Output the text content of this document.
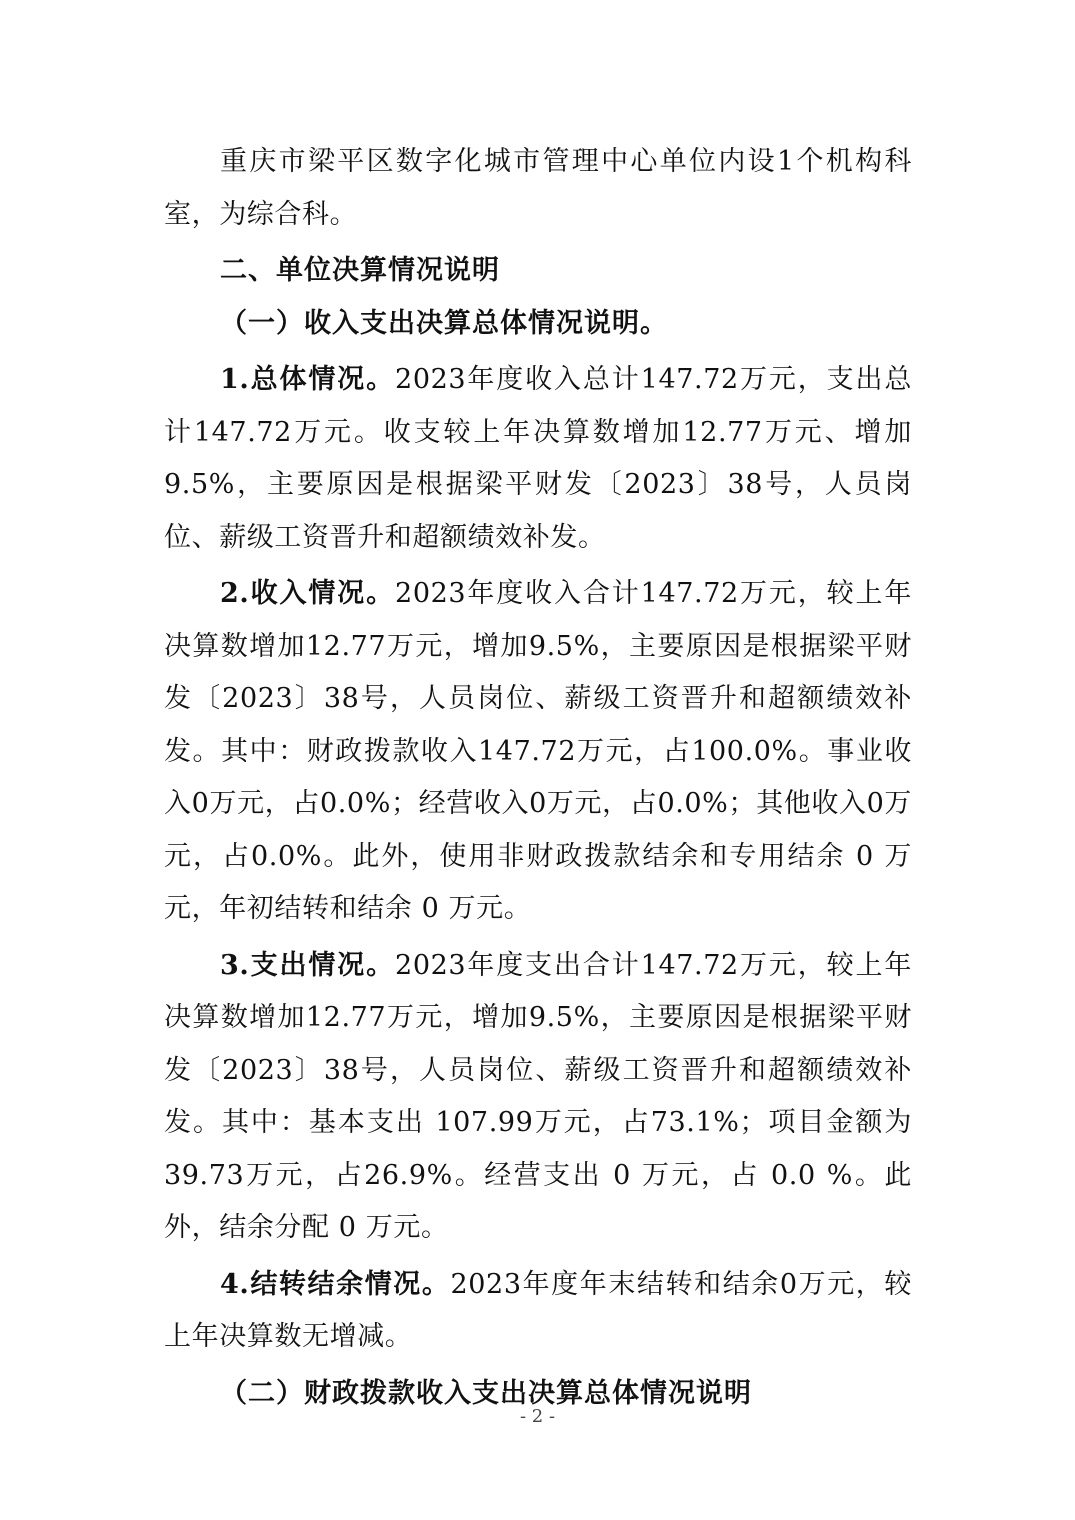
重庆市梁平区数字化城市管理中心单位内设1个机构科室，为综合科。

二、单位决算情况说明

（一）收入支出决算总体情况说明。

1.总体情况。2023年度收入总计147.72万元，支出总计147.72万元。收支较上年决算数增加12.77万元、增加9.5%，主要原因是根据梁平财发〔2023〕38号，人员岗位、薪级工资晋升和超额绩效补发。

2.收入情况。2023年度收入合计147.72万元，较上年决算数增加12.77万元，增加9.5%，主要原因是根据梁平财发〔2023〕38号，人员岗位、薪级工资晋升和超额绩效补发。其中：财政拨款收入147.72万元，占100.0%。事业收入0万元，占0.0%；经营收入0万元，占0.0%；其他收入0万元，占0.0%。此外，使用非财政拨款结余和专用结余 0 万元，年初结转和结余 0 万元。

3.支出情况。2023年度支出合计147.72万元，较上年决算数增加12.77万元，增加9.5%，主要原因是根据梁平财发〔2023〕38号，人员岗位、薪级工资晋升和超额绩效补发。其中：基本支出 107.99万元，占73.1%；项目金额为39.73万元，占26.9%。经营支出 0 万元，占 0.0 %。此外，结余分配 0 万元。

4.结转结余情况。2023年度年末结转和结余0万元，较上年决算数无增减。

（二）财政拨款收入支出决算总体情况说明

- 2 -
